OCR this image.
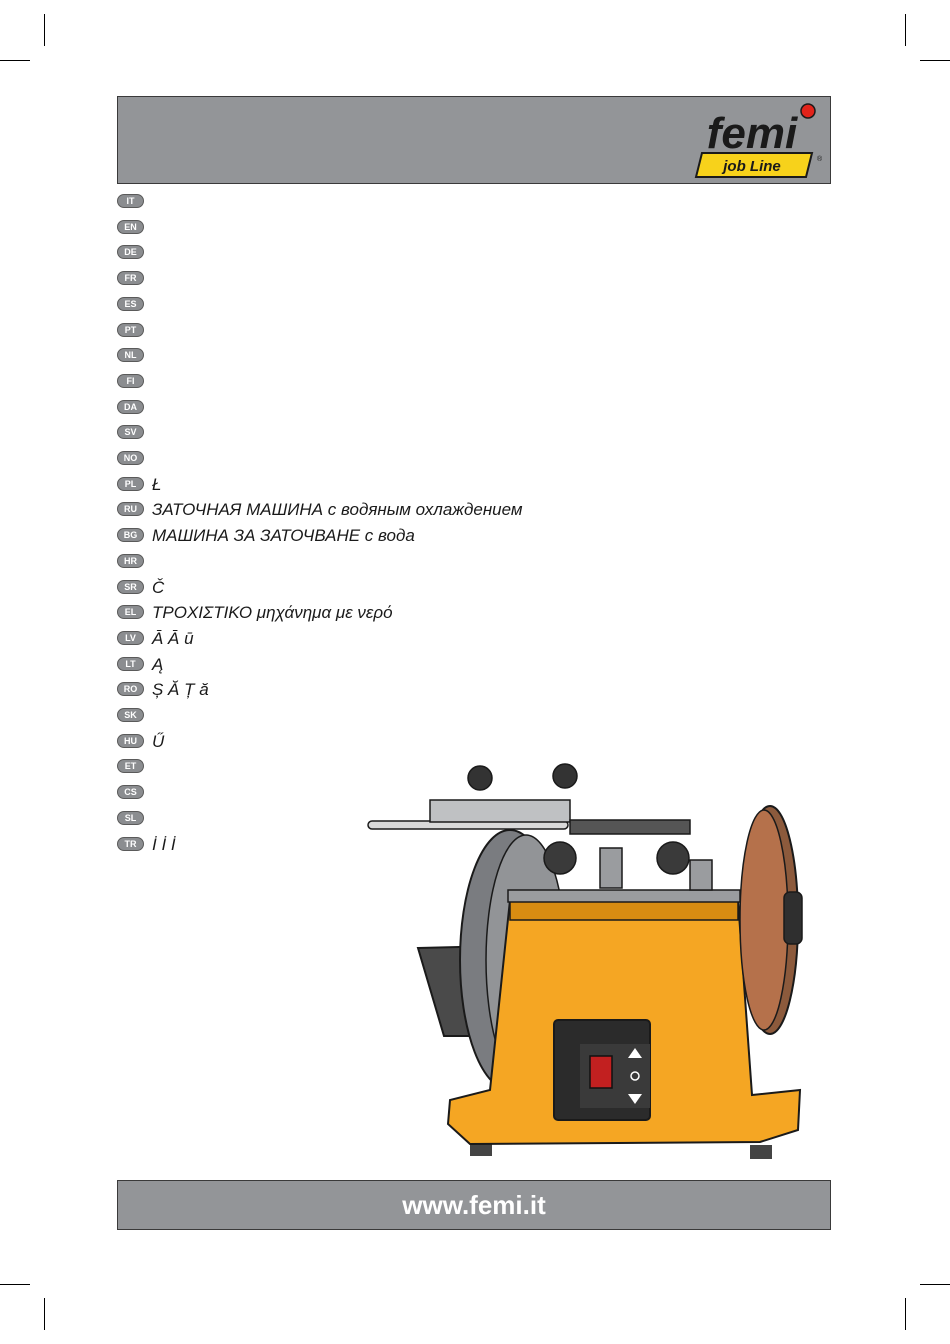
job Line
femi
®
IT
EN
DE
FR
ES
PT
NL
FI
DA
SV
NO
PL Ł
RU ЗАТОЧНАЯ МАШИНА с водяным охлаждением
BG МАШИНА ЗА ЗАТОЧВАНЕ с вода
HR
SR Č
EL ΤΡΟΧΙΣΤΙΚΟ μηχάνημα με νερό
LV Ā Ā ū
LT Ą
RO Ș Ă Ț ă
SK
HU Ű
ET
CS
SL
TR İ İ İ
www.femi.it
